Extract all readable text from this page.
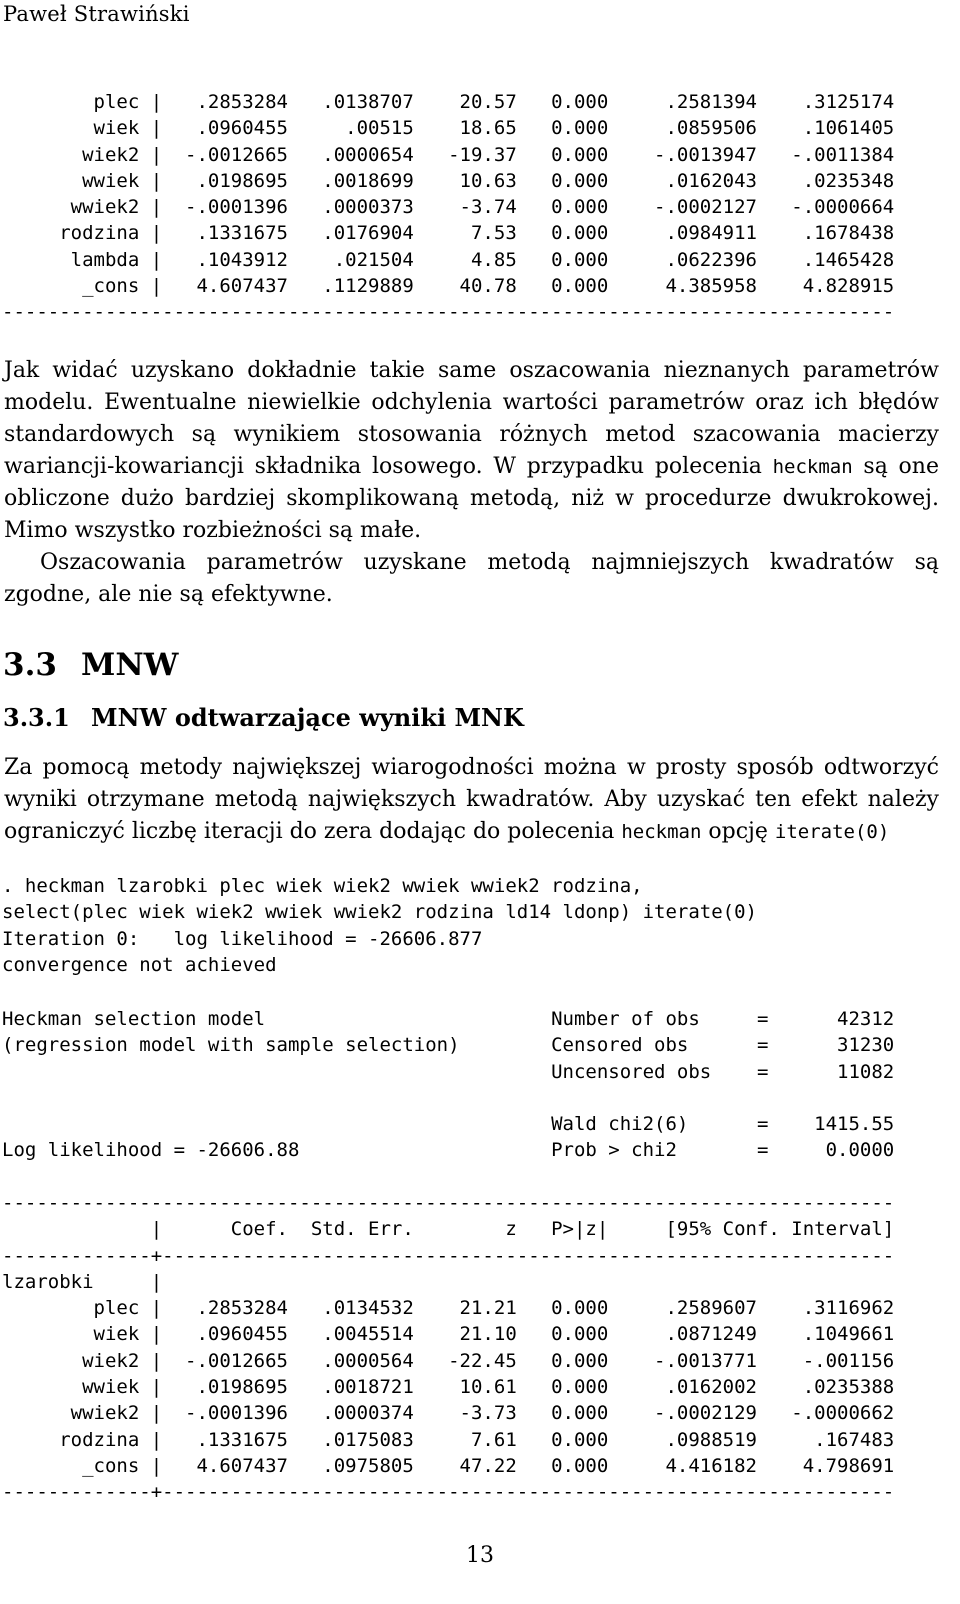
Paweł Strawiński
plec |   .2853284   .0138707    20.57   0.000     .2581394    .3125174
wiek |   .0960455     .00515    18.65   0.000     .0859506    .1061405
wiek2 |  -.0012665   .0000654   -19.37   0.000    -.0013947   -.0011384
wwiek |   .0198695   .0018699    10.63   0.000     .0162043    .0235348
wwiek2 |  -.0001396   .0000373    -3.74   0.000    -.0002127   -.0000664
rodzina |   .1331675   .0176904     7.53   0.000     .0984911    .1678438
lambda |   .1043912    .021504     4.85   0.000     .0622396    .1465428
_cons |   4.607437   .1129889    40.78   0.000     4.385958    4.828915
------------------------------------------------------------------------------

Jak widać uzyskano dokładnie takie same oszacowania nieznanych parametrów modelu. Ewentualne niewielkie odchylenia wartości parametrów oraz ich błędów standardowych są wynikiem stosowania różnych metod szacowania macierzy wariancji-kowariancji składnika losowego. W przypadku polecenia heckman są one obliczone dużo bardziej skomplikowaną metodą, niż w procedurze dwukrokowej. Mimo wszystko rozbieżności są małe.

Oszacowania parametrów uzyskane metodą najmniejszych kwadratów są zgodne, ale nie są efektywne.

3.3 MNW
3.3.1 MNW odtwarzające wyniki MNK

Za pomocą metody największej wiarogodności można w prosty sposób odtworzyć wyniki otrzymane metodą największych kwadratów. Aby uzyskać ten efekt należy ograniczyć liczbę iteracji do zera dodając do polecenia heckman opcję iterate(0)

. heckman lzarobki plec wiek wiek2 wwiek wwiek2 rodzina,
select(plec wiek wiek2 wwiek wwiek2 rodzina ld14 ldonp) iterate(0)
Iteration 0:   log likelihood = -26606.877
convergence not achieved
Heckman selection model                         Number of obs     =      42312
(regression model with sample selection)        Censored obs      =      31230
Uncensored obs    =      11082

Wald chi2(6)      =    1415.55
Log likelihood = -26606.88                      Prob > chi2       =     0.0000
------------------------------------------------------------------------------
|      Coef.  Std. Err.        z   P>|z|     [95% Conf. Interval]
-------------+----------------------------------------------------------------
lzarobki     |
plec |   .2853284   .0134532    21.21   0.000     .2589607    .3116962
wiek |   .0960455   .0045514    21.10   0.000     .0871249    .1049661
wiek2 |  -.0012665   .0000564   -22.45   0.000    -.0013771    -.001156
wwiek |   .0198695   .0018721    10.61   0.000     .0162002    .0235388
wwiek2 |  -.0001396   .0000374    -3.73   0.000    -.0002129   -.0000662
rodzina |   .1331675   .0175083     7.61   0.000     .0988519     .167483
_cons |   4.607437   .0975805    47.22   0.000     4.416182    4.798691
-------------+----------------------------------------------------------------
13
